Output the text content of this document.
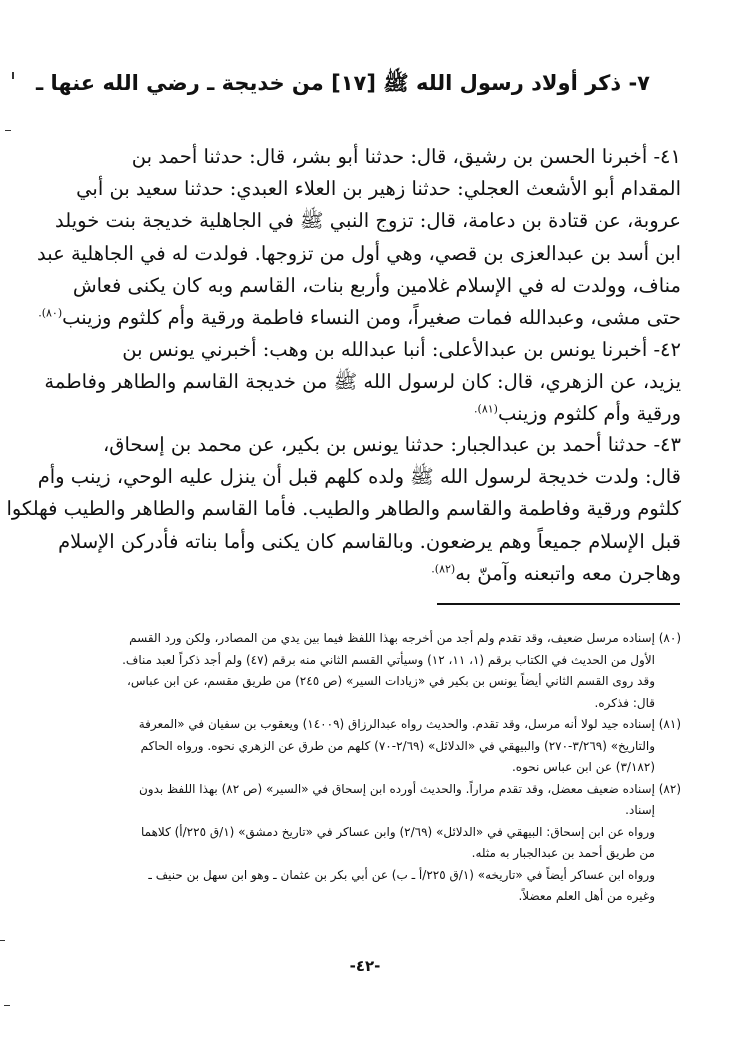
٧- ذكر أولاد رسول الله ﷺ [١٧] من خديجة ـ رضي الله عنها ـ
٤١- أخبرنا الحسن بن رشيق، قال: حدثنا أبو بشر، قال: حدثنا أحمد بن
المقدام أبو الأشعث العجلي: حدثنا زهير بن العلاء العبدي: حدثنا سعيد بن أبي
عروبة، عن قتادة بن دعامة، قال: تزوج النبي ﷺ في الجاهلية خديجة بنت خويلد
ابن أسد بن عبدالعزى بن قصي، وهي أول من تزوجها. فولدت له في الجاهلية عبد
مناف، وولدت له في الإسلام غلامين وأربع بنات، القاسم وبه كان يكنى فعاش
حتى مشى، وعبدالله فمات صغيراً، ومن النساء فاطمة ورقية وأم كلثوم وزينب$^{(٨٠).}$
٤٢- أخبرنا يونس بن عبدالأعلى: أنبا عبدالله بن وهب: أخبرني يونس بن
يزيد، عن الزهري، قال: كان لرسول الله ﷺ من خديجة القاسم والطاهر وفاطمة
ورقية وأم كلثوم وزينب$^{(٨١).}$
٤٣- حدثنا أحمد بن عبدالجبار: حدثنا يونس بن بكير، عن محمد بن إسحاق،
قال: ولدت خديجة لرسول الله ﷺ ولده كلهم قبل أن ينزل عليه الوحي، زينب وأم
كلثوم ورقية وفاطمة والقاسم والطاهر والطيب. فأما القاسم والطاهر والطيب فهلكوا
قبل الإسلام جميعاً وهم يرضعون. وبالقاسم كان يكنى وأما بناته فأدركن الإسلام
وهاجرن معه واتبعنه وآمنّ به$^{(٨٢).}$
(٨٠) إسناده مرسل ضعيف، وقد تقدم ولم أجد من أخرجه بهذا اللفظ فيما بين يدي من المصادر، ولكن ورد القسم
الأول من الحديث في الكتاب برقم (١، ١١، ١٢) وسيأتي القسم الثاني منه برقم (٤٧) ولم أجد ذكراً لعبد مناف.
وقد روى القسم الثاني أيضاً يونس بن بكير في «زيادات السير» (ص ٢٤٥) من طريق مقسم، عن ابن عباس،
قال: فذكره.
(٨١) إسناده جيد لولا أنه مرسل، وقد تقدم. والحديث رواه عبدالرزاق (١٤٠٠٩) ويعقوب بن سفيان في «المعرفة
والتاريخ» (٣/٢٦٩-٢٧٠) والبيهقي في «الدلائل» (٢/٦٩-٧٠) كلهم من طرق عن الزهري نحوه. ورواه الحاكم
(٣/١٨٢) عن ابن عباس نحوه.
(٨٢) إسناده ضعيف معضل، وقد تقدم مراراً. والحديث أورده ابن إسحاق في «السير» (ص ٨٢) بهذا اللفظ بدون
إسناد.
ورواه عن ابن إسحاق: البيهقي في «الدلائل» (٢/٦٩) وابن عساكر في «تاريخ دمشق» (١/ق ٢٢٥/أ) كلاهما
من طريق أحمد بن عبدالجبار به مثله.
ورواه ابن عساكر أيضاً في «تاريخه» (١/ق ٢٢٥/أ ـ ب) عن أبي بكر بن عثمان ـ وهو ابن سهل بن حنيف ـ
وغيره من أهل العلم معضلاً.
-٤٢-
